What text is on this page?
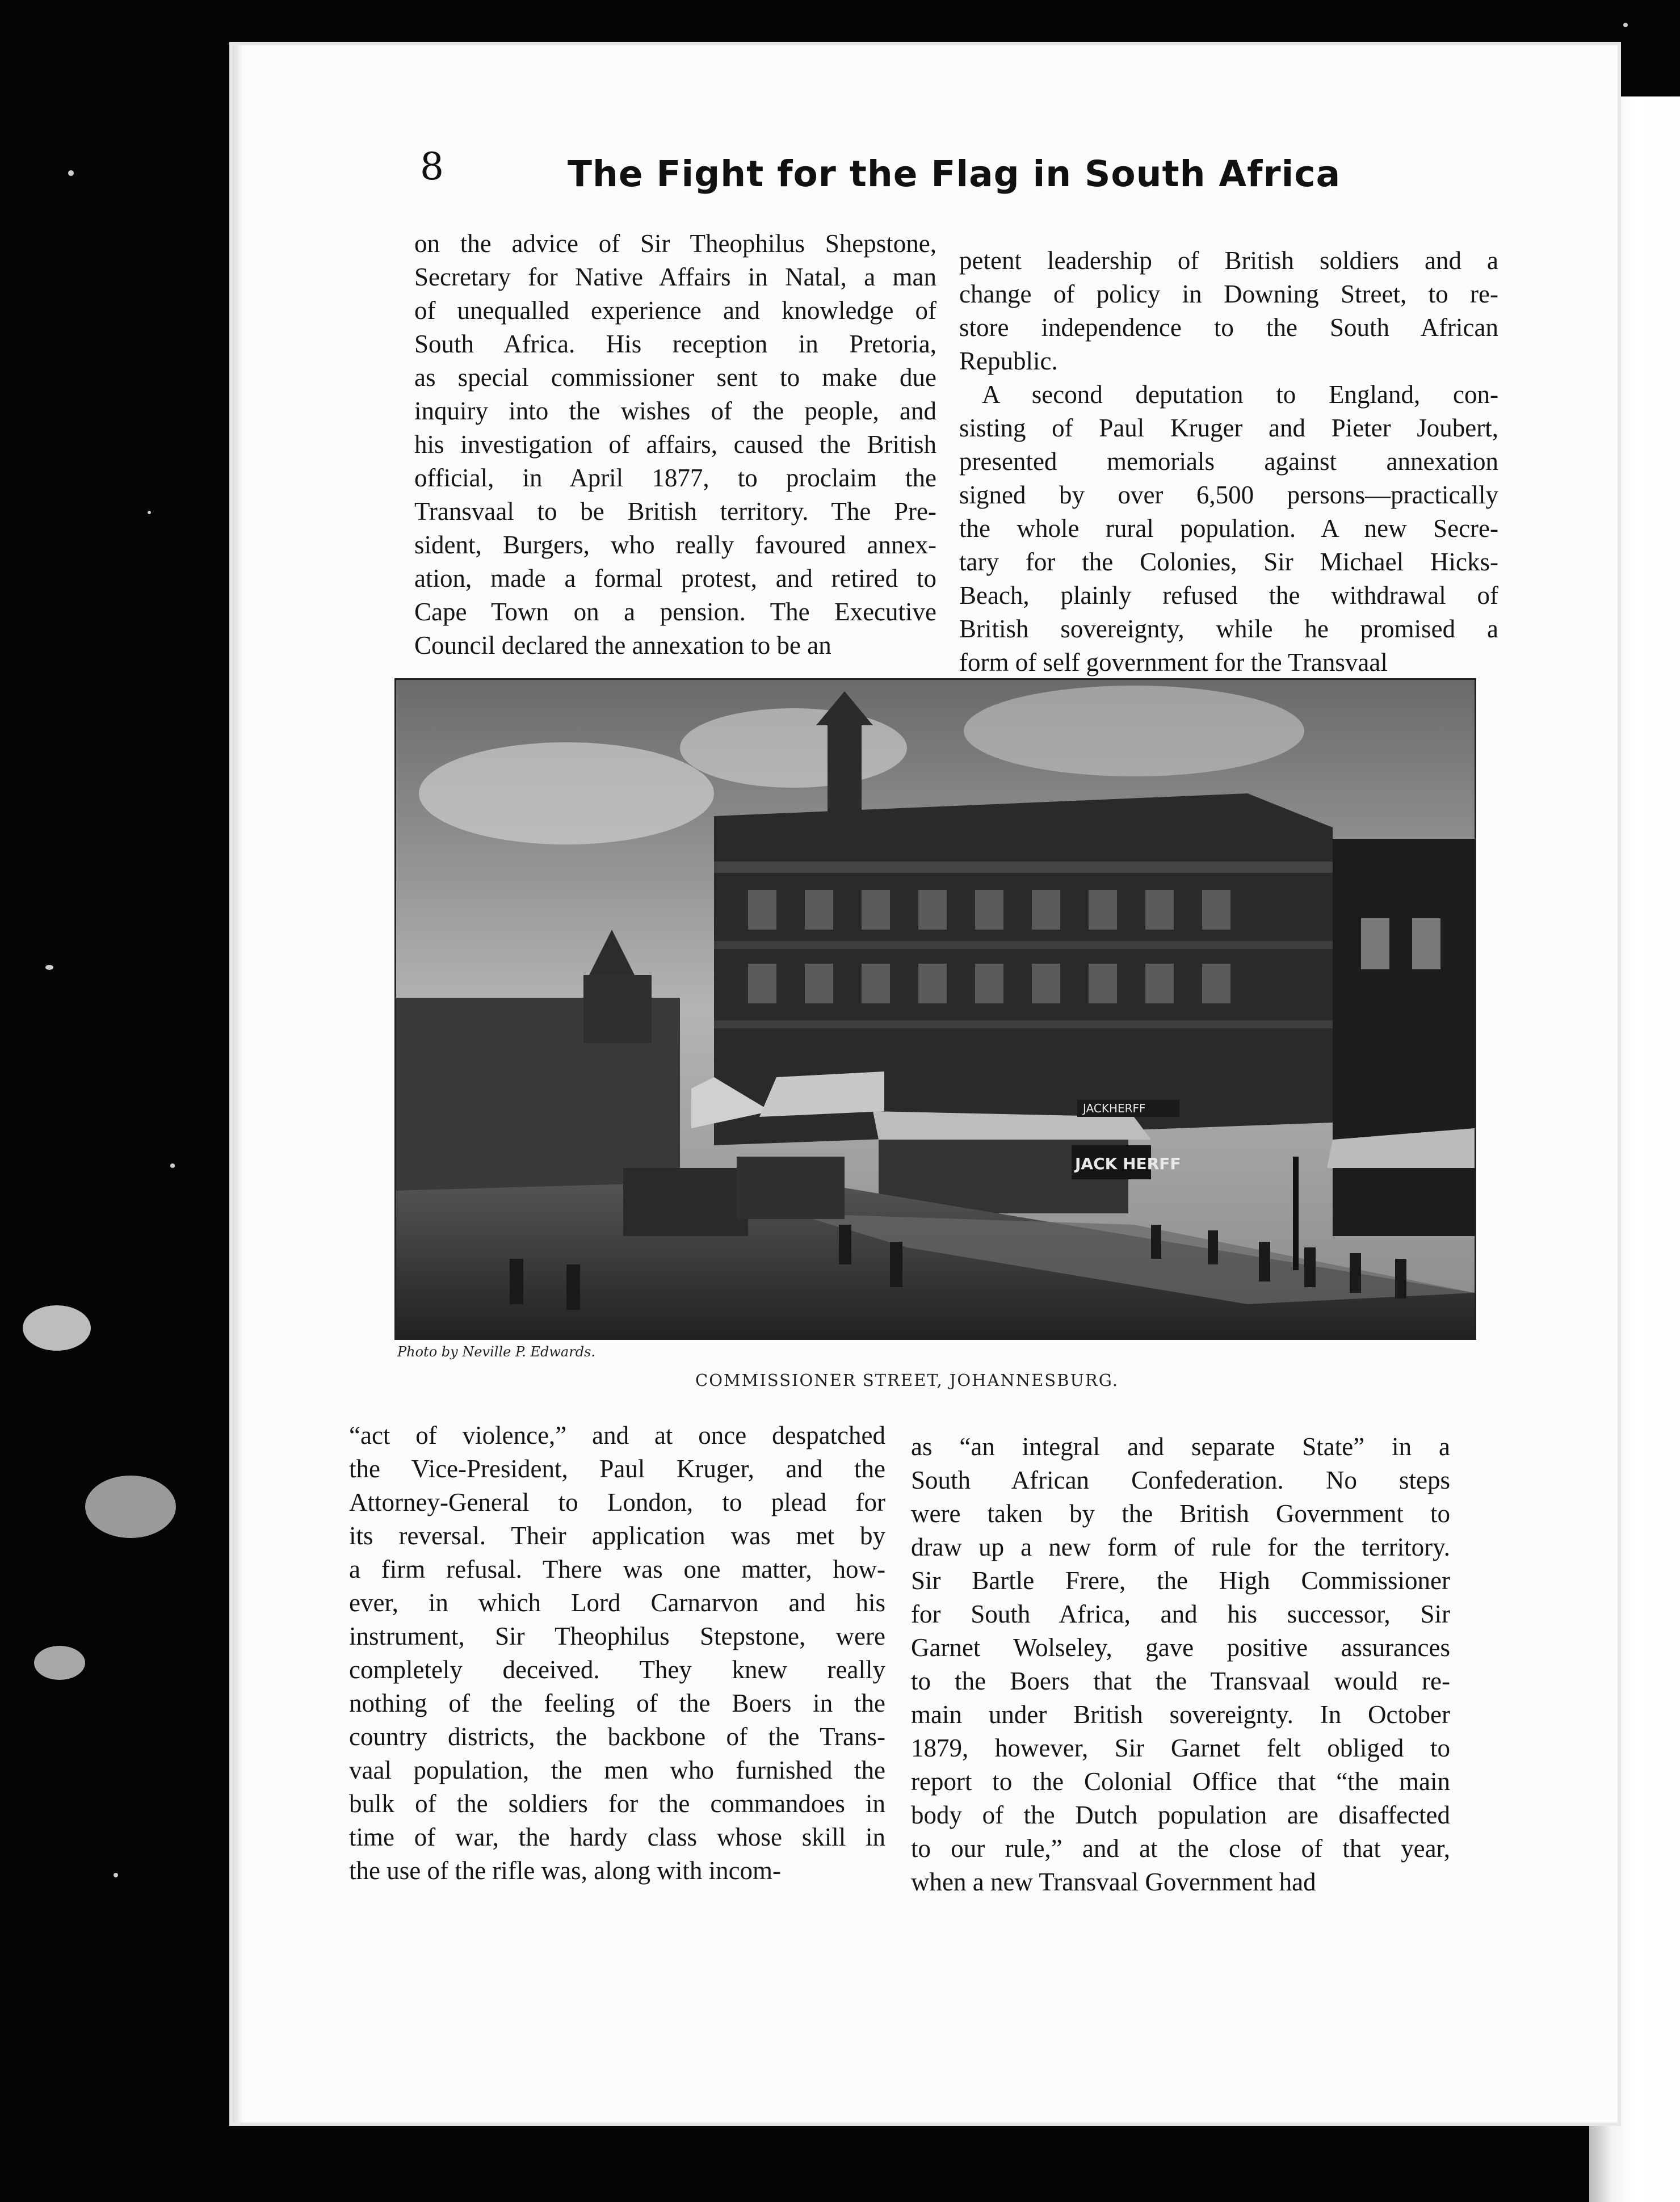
8	The Fight for the Flag in South Africa
on the advice of Sir Theophilus Shepstone,
Secretary for Native Affairs in Natal, a man
of unequalled experience and knowledge of
South Africa. His reception in Pretoria,
as special commissioner sent to make due
inquiry into the wishes of the people, and
his investigation of affairs, caused the British
official, in April 1877, to proclaim the
Transvaal to be British territory. The Pre-
sident, Burgers, who really favoured annex-
ation, made a formal protest, and retired to
Cape Town on a pension. The Executive
Council declared the annexation to be an
petent leadership of British soldiers and a
change of policy in Downing Street, to re-
store independence to the South African
Republic.
A second deputation to England, con-
sisting of Paul Kruger and Pieter Joubert,
presented memorials against annexation
signed by over 6,500 persons—practically
the whole rural population. A new Secre-
tary for the Colonies, Sir Michael Hicks-
Beach, plainly refused the withdrawal of
British sovereignty, while he promised a
form of self government for the Transvaal
JACKHERFF
JACK HERFF
Photo by Neville P. Edwards.
COMMISSIONER STREET, JOHANNESBURG.
“act of violence,” and at once despatched
the Vice-President, Paul Kruger, and the
Attorney-General to London, to plead for
its reversal. Their application was met by
a firm refusal. There was one matter, how-
ever, in which Lord Carnarvon and his
instrument, Sir Theophilus Stepstone, were
completely deceived. They knew really
nothing of the feeling of the Boers in the
country districts, the backbone of the Trans-
vaal population, the men who furnished the
bulk of the soldiers for the commandoes in
time of war, the hardy class whose skill in
the use of the rifle was, along with incom-
as “an integral and separate State” in a
South African Confederation. No steps
were taken by the British Government to
draw up a new form of rule for the territory.
Sir Bartle Frere, the High Commissioner
for South Africa, and his successor, Sir
Garnet Wolseley, gave positive assurances
to the Boers that the Transvaal would re-
main under British sovereignty. In October
1879, however, Sir Garnet felt obliged to
report to the Colonial Office that “the main
body of the Dutch population are disaffected
to our rule,” and at the close of that year,
when a new Transvaal Government had
